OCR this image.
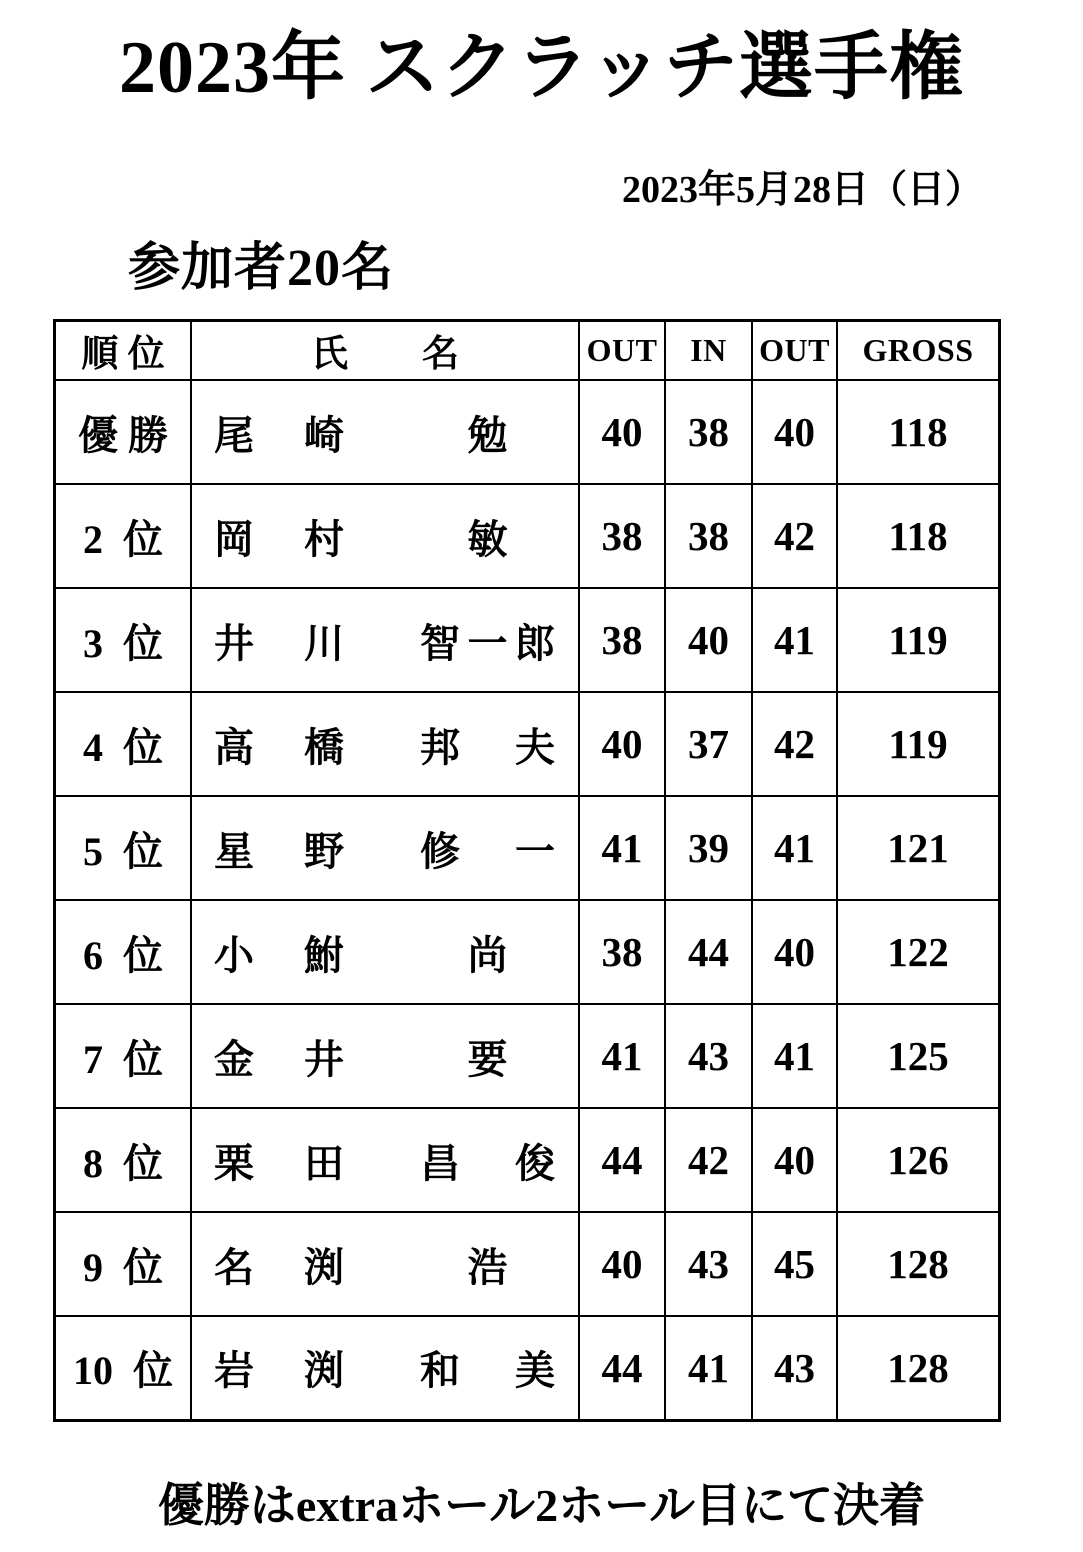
2023年 スクラッチ選手権
2023年5月28日（日）
参加者20名
順 位	氏　　名	OUT	IN	OUT	GROSS
優 勝	尾 崎 勉	40	38	40	118
2  位	岡 村 敏	38	38	42	118
3  位	井 川 智 一 郎	38	40	41	119
4  位	高 橋 邦 夫	40	37	42	119
5  位	星 野 修 一	41	39	41	121
6  位	小 鮒 尚	38	44	40	122
7  位	金 井 要	41	43	41	125
8  位	栗 田 昌 俊	44	42	40	126
9  位	名 渕 浩	40	43	45	128
10  位	岩 渕 和 美	44	41	43	128
優勝はextraホール2ホール目にて決着
